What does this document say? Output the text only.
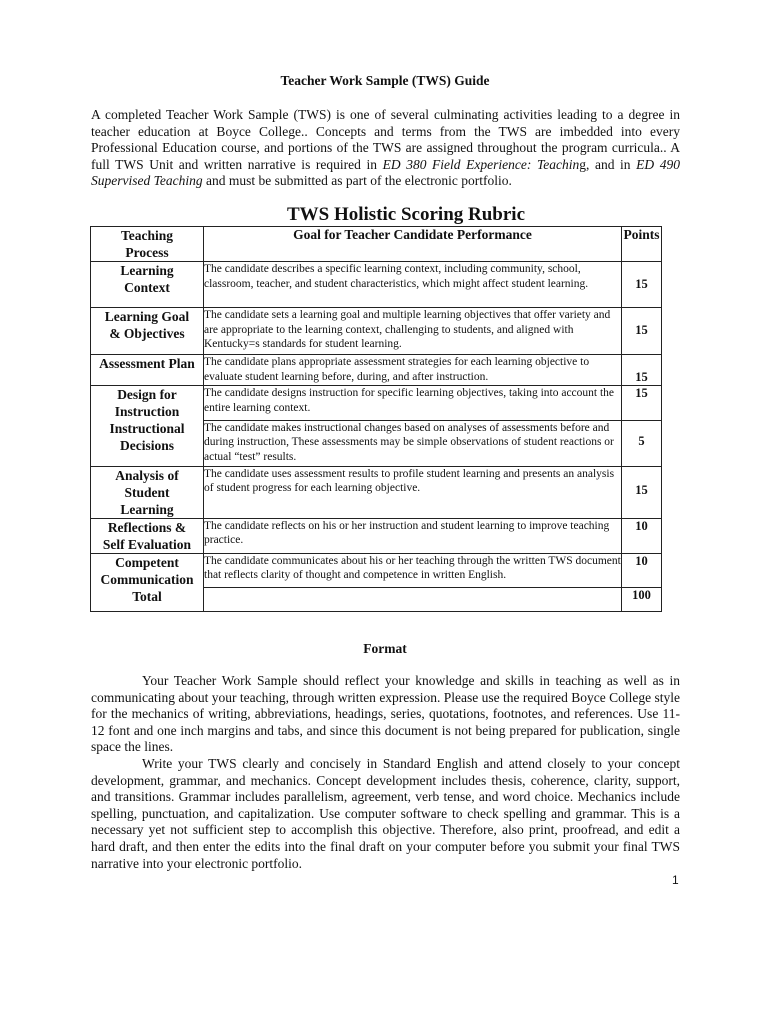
Teacher Work Sample (TWS) Guide

A completed Teacher Work Sample (TWS) is one of several culminating activities leading to a degree in teacher education at Boyce College.. Concepts and terms from the TWS are imbedded into every Professional Education course, and portions of the TWS are assigned throughout the program curricula.. A full TWS Unit and written narrative is required in ED 380 Field Experience: Teaching, and in ED 490 Supervised Teaching and must be submitted as part of the electronic portfolio.

TWS Holistic Scoring Rubric
Teaching
Process	Goal for Teacher Candidate Performance	Points

Learning
Context	The candidate describes a specific learning context, including community, school, classroom, teacher, and student characteristics, which might affect student learning.	15

Learning Goal
& Objectives	The candidate sets a learning goal and multiple learning objectives that offer variety and are appropriate to the learning context, challenging to students, and aligned with Kentucky=s standards for student learning.	15

Assessment Plan	The candidate plans appropriate assessment strategies for each learning objective to evaluate student learning before, during, and after instruction.	15

Design for
Instruction	The candidate designs instruction for specific learning objectives, taking into account the entire learning context.	15

Instructional
Decisions	The candidate makes instructional changes based on analyses of assessments before and during instruction, These assessments may be simple observations of student reactions or actual “test” results.	5

Analysis of
Student
Learning	The candidate uses assessment results to profile student learning and presents an analysis of student progress for each learning objective.	15

Reflections &
Self Evaluation	The candidate reflects on his or her instruction and student learning to improve teaching practice.	10

Competent
Communication	The candidate communicates about his or her teaching through the written TWS document that reflects clarity of thought and competence in written English.	10
Total		100
Format

Your Teacher Work Sample should reflect your knowledge and skills in teaching as well as in communicating about your teaching, through written expression. Please use the required Boyce College style for the mechanics of writing, abbreviations, headings, series, quotations, footnotes, and references. Use 11-12 font and one inch margins and tabs, and since this document is not being prepared for publication, single space the lines.

Write your TWS clearly and concisely in Standard English and attend closely to your concept development, grammar, and mechanics. Concept development includes thesis, coherence, clarity, support, and transitions. Grammar includes parallelism, agreement, verb tense, and word choice. Mechanics include spelling, punctuation, and capitalization. Use computer software to check spelling and grammar. This is a necessary yet not sufficient step to accomplish this objective. Therefore, also print, proofread, and edit a hard draft, and then enter the edits into the final draft on your computer before you submit your final TWS narrative into your electronic portfolio.

1
